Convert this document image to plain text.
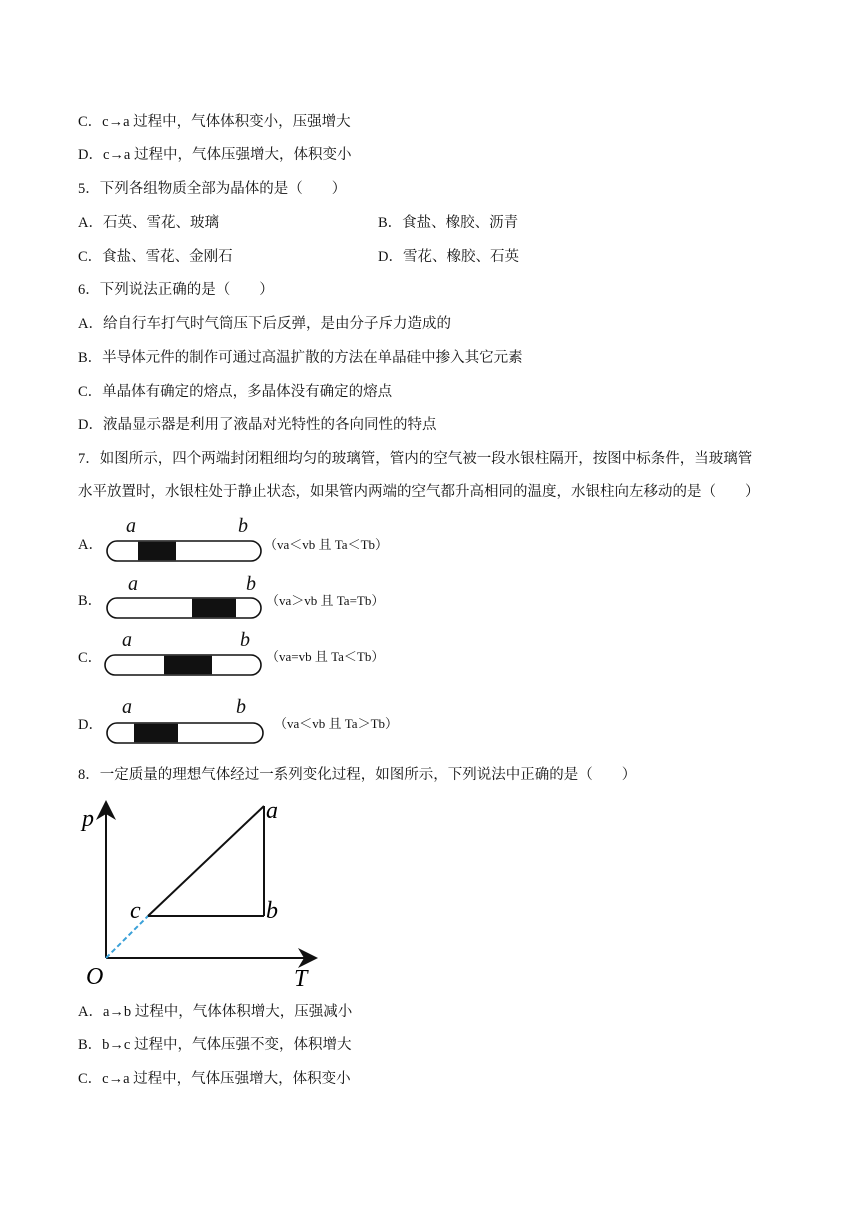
C．c→a 过程中，气体体积变小，压强增大
D．c→a 过程中，气体压强增大，体积变小
5．下列各组物质全部为晶体的是（　　）
A．石英、雪花、玻璃	B．食盐、橡胶、沥青
C．食盐、雪花、金刚石	D．雪花、橡胶、石英
6．下列说法正确的是（　　）
A．给自行车打气时气筒压下后反弹，是由分子斥力造成的
B．半导体元件的制作可通过高温扩散的方法在单晶硅中掺入其它元素
C．单晶体有确定的熔点，多晶体没有确定的熔点
D．液晶显示器是利用了液晶对光特性的各向同性的特点
7．如图所示，四个两端封闭粗细均匀的玻璃管，管内的空气被一段水银柱隔开，按图中标条件，当玻璃管
水平放置时，水银柱处于静止状态，如果管内两端的空气都升高相同的温度，水银柱向左移动的是（　　）
A．
a	b
（va＜vb 且 Ta＜Tb）
B．
a	b
（va＞vb 且 Ta=Tb）
C．
a	b
（va=vb 且 Ta＜Tb）
D．
a	b
（va＜vb 且 Ta＞Tb）
8．一定质量的理想气体经过一系列变化过程，如图所示，下列说法中正确的是（　　）
p
T
O
a
b
c
A．a→b 过程中，气体体积增大，压强减小
B．b→c 过程中，气体压强不变，体积增大
C．c→a 过程中，气体压强增大，体积变小
